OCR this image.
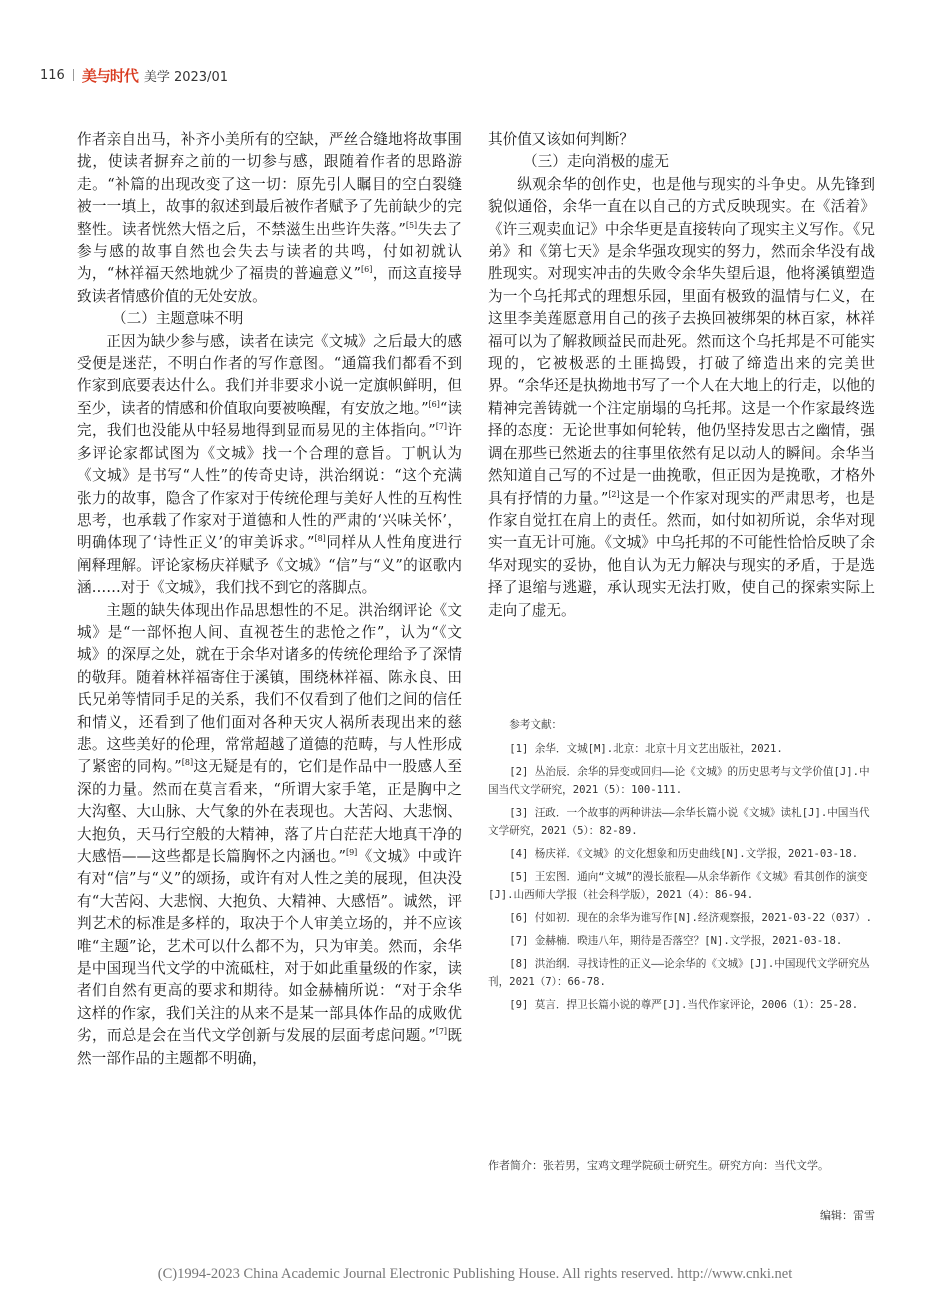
116 美与时代 美学 2023/01

作者亲自出马，补齐小美所有的空缺，严丝合缝地将故事围拢，使读者摒弃之前的一切参与感，跟随着作者的思路游走。“补篇的出现改变了这一切：原先引人瞩目的空白裂缝被一一填上，故事的叙述到最后被作者赋予了先前缺少的完整性。读者恍然大悟之后，不禁滋生出些许失落。”[5]失去了参与感的故事自然也会失去与读者的共鸣，付如初就认为，“林祥福天然地就少了福贵的普遍意义”[6]，而这直接导致读者情感价值的无处安放。

（二）主题意味不明

正因为缺少参与感，读者在读完《文城》之后最大的感受便是迷茫，不明白作者的写作意图。“通篇我们都看不到作家到底要表达什么。我们并非要求小说一定旗帜鲜明，但至少，读者的情感和价值取向要被唤醒，有安放之地。”[6]“读完，我们也没能从中轻易地得到显而易见的主体指向。”[7]许多评论家都试图为《文城》找一个合理的意旨。丁帆认为《文城》是书写“人性”的传奇史诗，洪治纲说：“这个充满张力的故事，隐含了作家对于传统伦理与美好人性的互构性思考，也承载了作家对于道德和人性的严肃的‘兴味关怀’，明确体现了‘诗性正义’的审美诉求。”[8]同样从人性角度进行阐释理解。评论家杨庆祥赋予《文城》“信”与“义”的讴歌内涵……对于《文城》，我们找不到它的落脚点。

主题的缺失体现出作品思想性的不足。洪治纲评论《文城》是“一部怀抱人间、直视苍生的悲怆之作”，认为“《文城》的深厚之处，就在于余华对诸多的传统伦理给予了深情的敬拜。随着林祥福寄住于溪镇，围绕林祥福、陈永良、田氏兄弟等情同手足的关系，我们不仅看到了他们之间的信任和情义，还看到了他们面对各种天灾人祸所表现出来的慈悲。这些美好的伦理，常常超越了道德的范畴，与人性形成了紧密的同构。”[8]这无疑是有的，它们是作品中一股感人至深的力量。然而在莫言看来，“所谓大家手笔，正是胸中之大沟壑、大山脉、大气象的外在表现也。大苦闷、大悲悯、大抱负，天马行空般的大精神，落了片白茫茫大地真干净的大感悟——这些都是长篇胸怀之内涵也。”[9]《文城》中或许有对“信”与“义”的颂扬，或许有对人性之美的展现，但决没有“大苦闷、大悲悯、大抱负、大精神、大感悟”。诚然，评判艺术的标准是多样的，取决于个人审美立场的，并不应该唯“主题”论，艺术可以什么都不为，只为审美。然而，余华是中国现当代文学的中流砥柱，对于如此重量级的作家，读者们自然有更高的要求和期待。如金赫楠所说：“对于余华这样的作家，我们关注的从来不是某一部具体作品的成败优劣，而总是会在当代文学创新与发展的层面考虑问题。”[7]既然一部作品的主题都不明确，

其价值又该如何判断？

（三）走向消极的虚无

纵观余华的创作史，也是他与现实的斗争史。从先锋到貌似通俗，余华一直在以自己的方式反映现实。在《活着》《许三观卖血记》中余华更是直接转向了现实主义写作。《兄弟》和《第七天》是余华强攻现实的努力，然而余华没有战胜现实。对现实冲击的失败令余华失望后退，他将溪镇塑造为一个乌托邦式的理想乐园，里面有极致的温情与仁义，在这里李美莲愿意用自己的孩子去换回被绑架的林百家，林祥福可以为了解救顾益民而赴死。然而这个乌托邦是不可能实现的，它被极恶的土匪捣毁，打破了缔造出来的完美世界。“余华还是执拗地书写了一个人在大地上的行走，以他的精神完善铸就一个注定崩塌的乌托邦。这是一个作家最终选择的态度：无论世事如何轮转，他仍坚持发思古之幽情，强调在那些已然逝去的往事里依然有足以动人的瞬间。余华当然知道自己写的不过是一曲挽歌，但正因为是挽歌，才格外具有抒情的力量。”[2]这是一个作家对现实的严肃思考，也是作家自觉扛在肩上的责任。然而，如付如初所说，余华对现实一直无计可施。《文城》中乌托邦的不可能性恰恰反映了余华对现实的妥协，他自认为无力解决与现实的矛盾，于是选择了退缩与逃避，承认现实无法打败，使自己的探索实际上走向了虚无。

参考文献：
[1] 余华．文城[M].北京：北京十月文艺出版社，2021.
[2] 丛治辰．余华的异变或回归——论《文城》的历史思考与文学价值[J].中国当代文学研究，2021（5）：100-111.
[3] 汪政．一个故事的两种讲法——余华长篇小说《文城》读札[J].中国当代文学研究，2021（5）：82-89.
[4] 杨庆祥．《文城》的文化想象和历史曲线[N].文学报，2021-03-18.
[5] 王宏图．通向“文城”的漫长旅程——从余华新作《文城》看其创作的演变[J].山西师大学报（社会科学版），2021（4）：86-94.
[6] 付如初．现在的余华为谁写作[N].经济观察报，2021-03-22（037）.
[7] 金赫楠．暌违八年，期待是否落空？[N].文学报，2021-03-18.
[8] 洪治纲．寻找诗性的正义——论余华的《文城》[J].中国现代文学研究丛刊，2021（7）：66-78.
[9] 莫言．捍卫长篇小说的尊严[J].当代作家评论，2006（1）：25-28.
作者简介：张若男，宝鸡文理学院硕士研究生。研究方向：当代文学。
编辑：雷雪
(C)1994-2023 China Academic Journal Electronic Publishing House. All rights reserved. http://www.cnki.net
